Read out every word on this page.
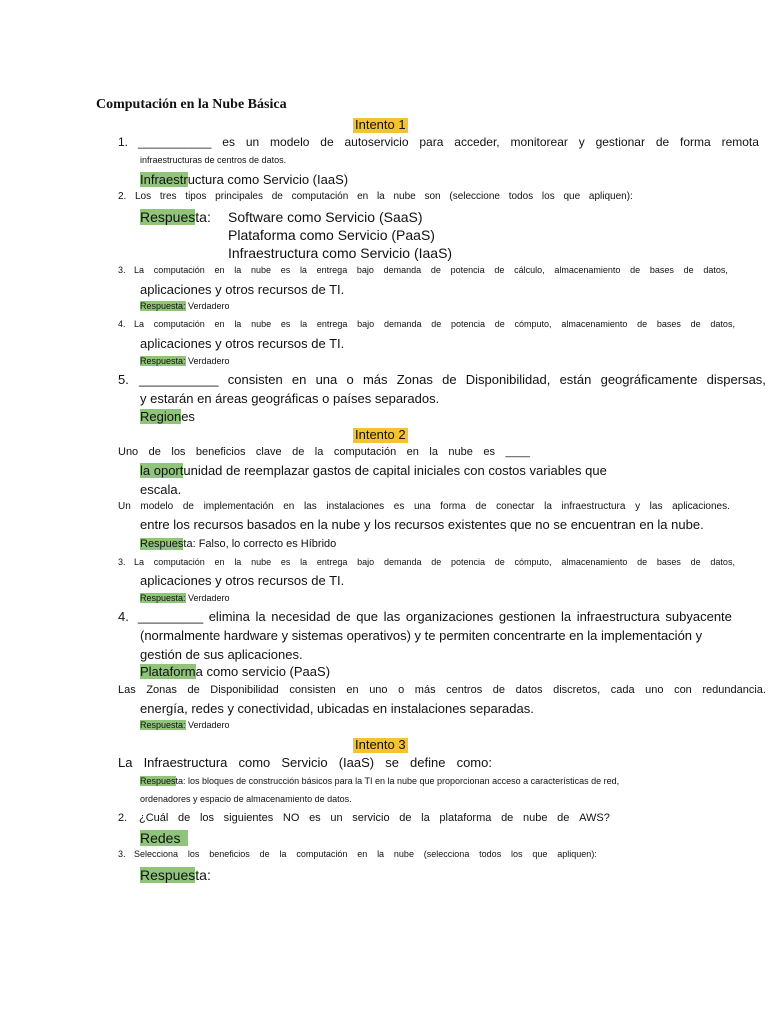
Computación en la Nube Básica
Intento 1
1. ___________ es un modelo de autoservicio para acceder, monitorear y gestionar de forma remota
infraestructuras de centros de datos.
Infraestructura como Servicio (IaaS)
2. Los tres tipos principales de computación en la nube son (seleccione todos los que apliquen):
Respuesta: Software como Servicio (SaaS)
Plataforma como Servicio (PaaS)
Infraestructura como Servicio (IaaS)
3. La computación en la nube es la entrega bajo demanda de potencia de cálculo, almacenamiento de bases de datos,
aplicaciones y otros recursos de TI.
Respuesta: Verdadero
4. La computación en la nube es la entrega bajo demanda de potencia de cómputo, almacenamiento de bases de datos,
aplicaciones y otros recursos de TI.
Respuesta: Verdadero
5. ___________ consisten en una o más Zonas de Disponibilidad, están geográficamente dispersas,
y estarán en áreas geográficas o países separados.
Regiones
Intento 2
Uno de los beneficios clave de la computación en la nube es ____
la oportunidad de reemplazar gastos de capital iniciales con costos variables que
escala.
Un modelo de implementación en las instalaciones es una forma de conectar la infraestructura y las aplicaciones.
entre los recursos basados en la nube y los recursos existentes que no se encuentran en la nube.
Respuesta: Falso, lo correcto es Híbrido
3. La computación en la nube es la entrega bajo demanda de potencia de cómputo, almacenamiento de bases de datos,
aplicaciones y otros recursos de TI.
Respuesta: Verdadero
4. _________ elimina la necesidad de que las organizaciones gestionen la infraestructura subyacente
(normalmente hardware y sistemas operativos) y te permiten concentrarte en la implementación y
gestión de sus aplicaciones.
Plataforma como servicio (PaaS)
Las Zonas de Disponibilidad consisten en uno o más centros de datos discretos, cada uno con redundancia.
energía, redes y conectividad, ubicadas en instalaciones separadas.
Respuesta: Verdadero
Intento 3
La Infraestructura como Servicio (IaaS) se define como:
Respuesta: los bloques de construcción básicos para la TI en la nube que proporcionan acceso a características de red,
ordenadores y espacio de almacenamiento de datos.
2. ¿Cuál de los siguientes NO es un servicio de la plataforma de nube de AWS?
Redes
3. Selecciona los beneficios de la computación en la nube (selecciona todos los que apliquen):
Respuesta:
